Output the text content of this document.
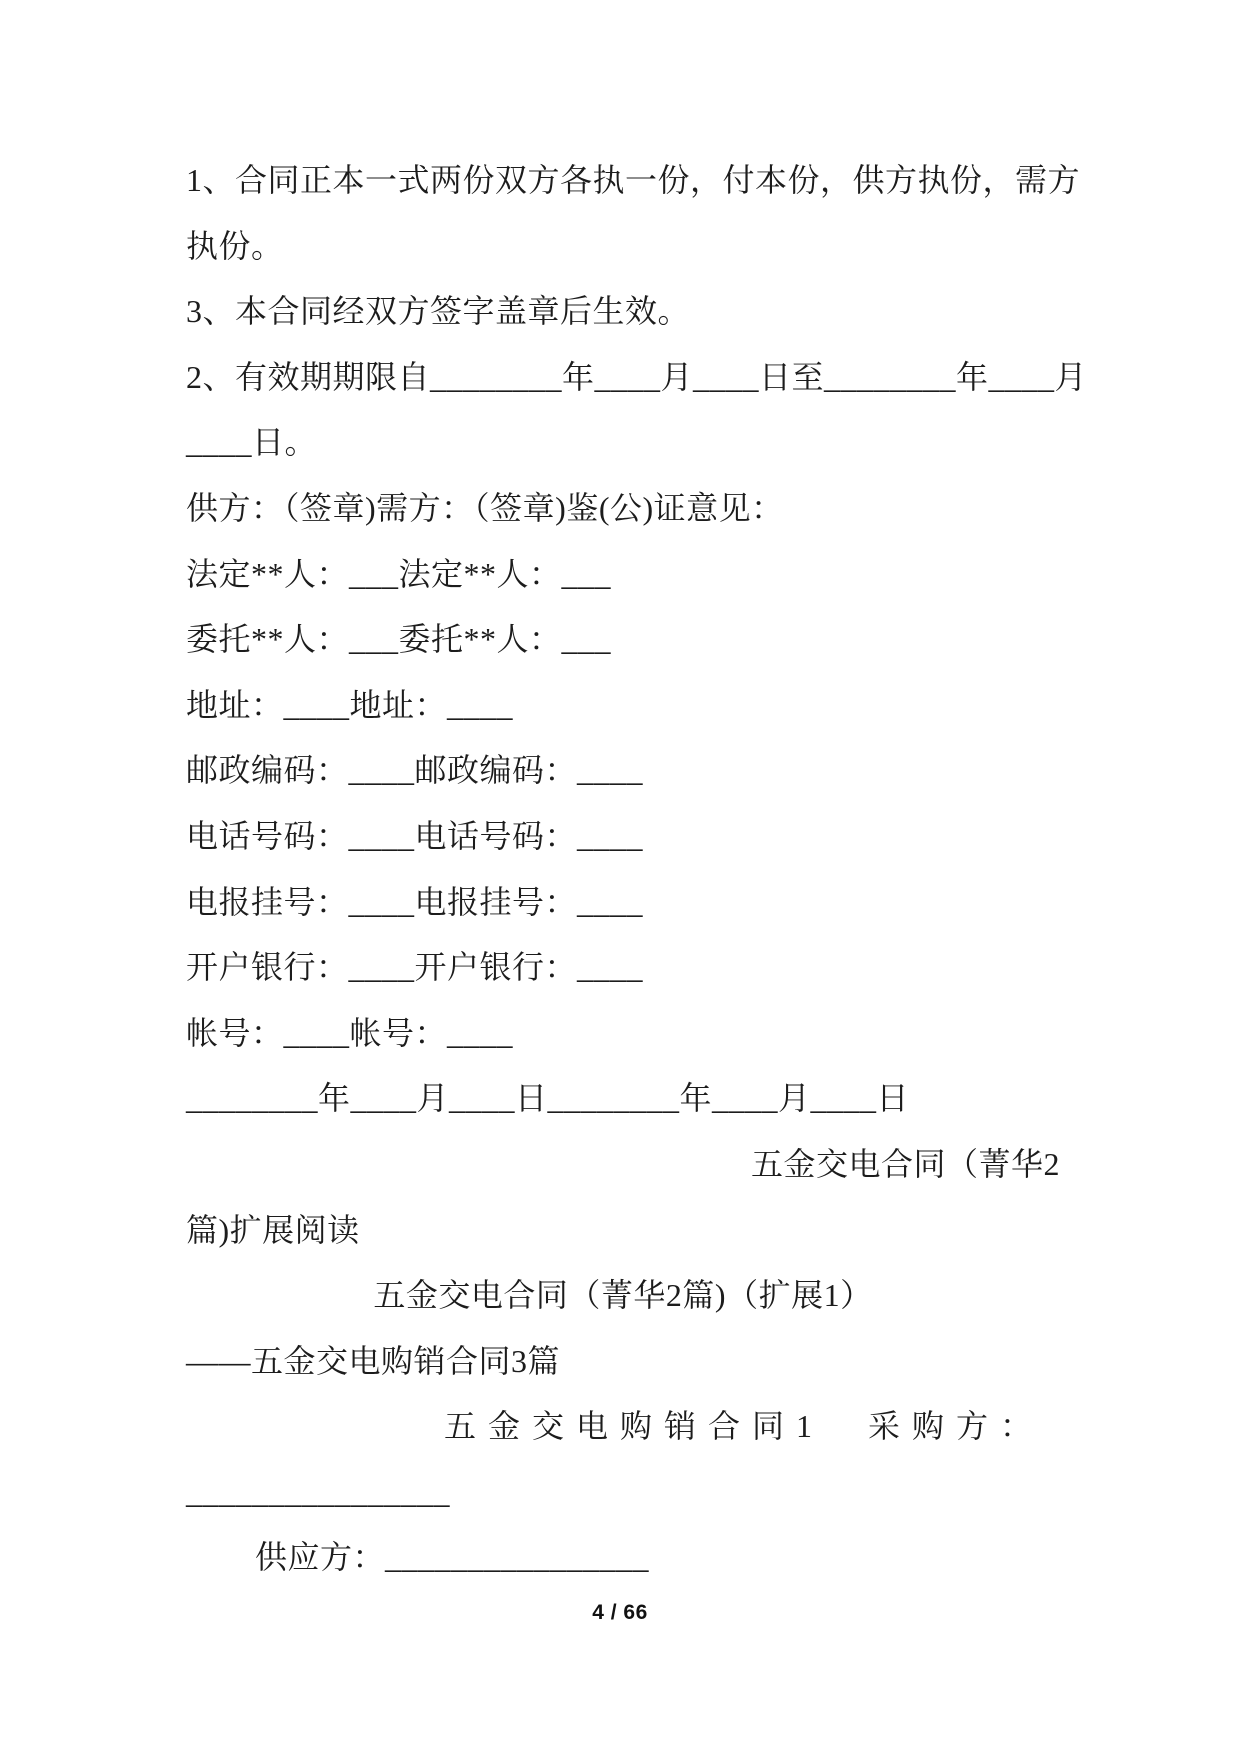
1、合同正本一式两份双方各执一份，付本份，供方执份，需方
执份。
3、本合同经双方签字盖章后生效。
2、有效期期限自________年____月____日至________年____月
____日。
供方：（签章)需方：（签章)鉴(公)证意见：
法定**人：___法定**人：___
委托**人：___委托**人：___
地址：____地址：____
邮政编码：____邮政编码：____
电话号码：____电话号码：____
电报挂号：____电报挂号：____
开户银行：____开户银行：____
帐号：____帐号：____
________年____月____日________年____月____日
五金交电合同（菁华2
篇)扩展阅读
五金交电合同（菁华2篇)（扩展1）
——五金交电购销合同3篇
五金交电购销合同1　采购方：
________________
供应方：________________
4 / 66
